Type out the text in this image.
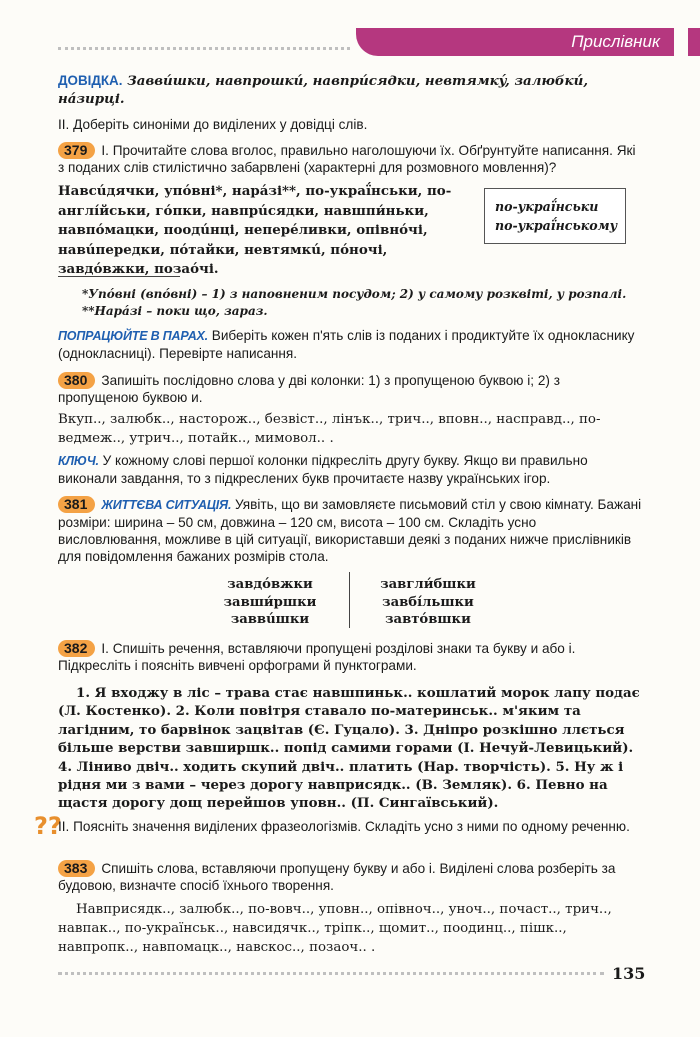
Прислівник
ДОВІДКА. Заввúшки, навпрошкú, навпрúсядки, невтямкý, залюбкú, нáзирці.
II. Доберіть синоніми до виділених у довідці слів.
379 I. Прочитайте слова вголос, правильно наголошуючи їх. Обґрунтуйте написання. Які з поданих слів стилістично забарвлені (характерні для розмовного мовлення)?
Навсúдячки, упóвні*, нарáзі**, по-украї́нськи, по-англі́йськи, гóпки, навпрúсядки, навшпи́ньки, навпóмацки, поодúнці, неперéливки, опівнóчі, навúпередки, пóтайки, невтямкú, пóночі, завдóвжки, позаóчі.
по-украї́нськи
по-украї́нському
*Упóвні (впóвні) – 1) з наповненим посудом; 2) у самому розквіті, у розпалі.
**Нарáзі – поки що, зараз.
ПОПРАЦЮЙТЕ В ПАРАХ. Виберіть кожен п'ять слів із поданих і продиктуйте їх однокласнику (однокласниці). Перевірте написання.
380 Запишіть послідовно слова у дві колонки: 1) з пропущеною буквою і; 2) з пропущеною буквою и.
Вкуп.., залюбк.., насторож.., безвіст.., лінък.., трич.., вповн.., насправд.., по-ведмеж.., утрич.., потайк.., мимовол.. .
КЛЮЧ. У кожному слові першої колонки підкресліть другу букву. Якщо ви правильно виконали завдання, то з підкреслених букв прочитаєте назву українських ігор.
381 ЖИТТЄВА СИТУАЦІЯ. Уявіть, що ви замовляєте письмовий стіл у свою кімнату. Бажані розміри: ширина – 50 см, довжина – 120 см, висота – 100 см. Складіть усно висловлювання, можливе в цій ситуації, використавши деякі з поданих нижче прислівників для повідомлення бажаних розмірів стола.
завдóвжки
завши́ршки
заввúшки
завгли́бшки
завбі́льшки
завтóвшки
382 I. Спишіть речення, вставляючи пропущені розділові знаки та букву и або і. Підкресліть і поясніть вивчені орфограми й пунктограми.
1. Я входжу в ліс – трава стає навшпиньк.. кошлатий морок лапу подає (Л. Костенко). 2. Коли повітря ставало по-материнськ.. м'яким та лагідним, то барвінок зацвітав (Є. Гуцало). 3. Дніпро розкішно ллється більше верстви завширшк.. попід самими горами (І. Нечуй-Левицький). 4. Ліниво двіч.. ходить скупий двіч.. платить (Нар. творчість). 5. Ну ж і рідня ми з вами – через дорогу навприсядк.. (В. Земляк). 6. Певно на щастя дорогу дощ перейшов уповн.. (П. Сингаївський).
??
II. Поясніть значення виділених фразеологізмів. Складіть усно з ними по одному реченню.
383 Спишіть слова, вставляючи пропущену букву и або і. Виділені слова розберіть за будовою, визначте спосіб їхнього творення.
Навприсядк.., залюбк.., по-вовч.., уповн.., опівноч.., уноч.., почаст.., трич.., навпак.., по-українськ.., навсидячк.., тріпк.., щомит.., поодинц.., пішк.., навпропк.., навпомацк.., навскос.., позаоч.. .
135
